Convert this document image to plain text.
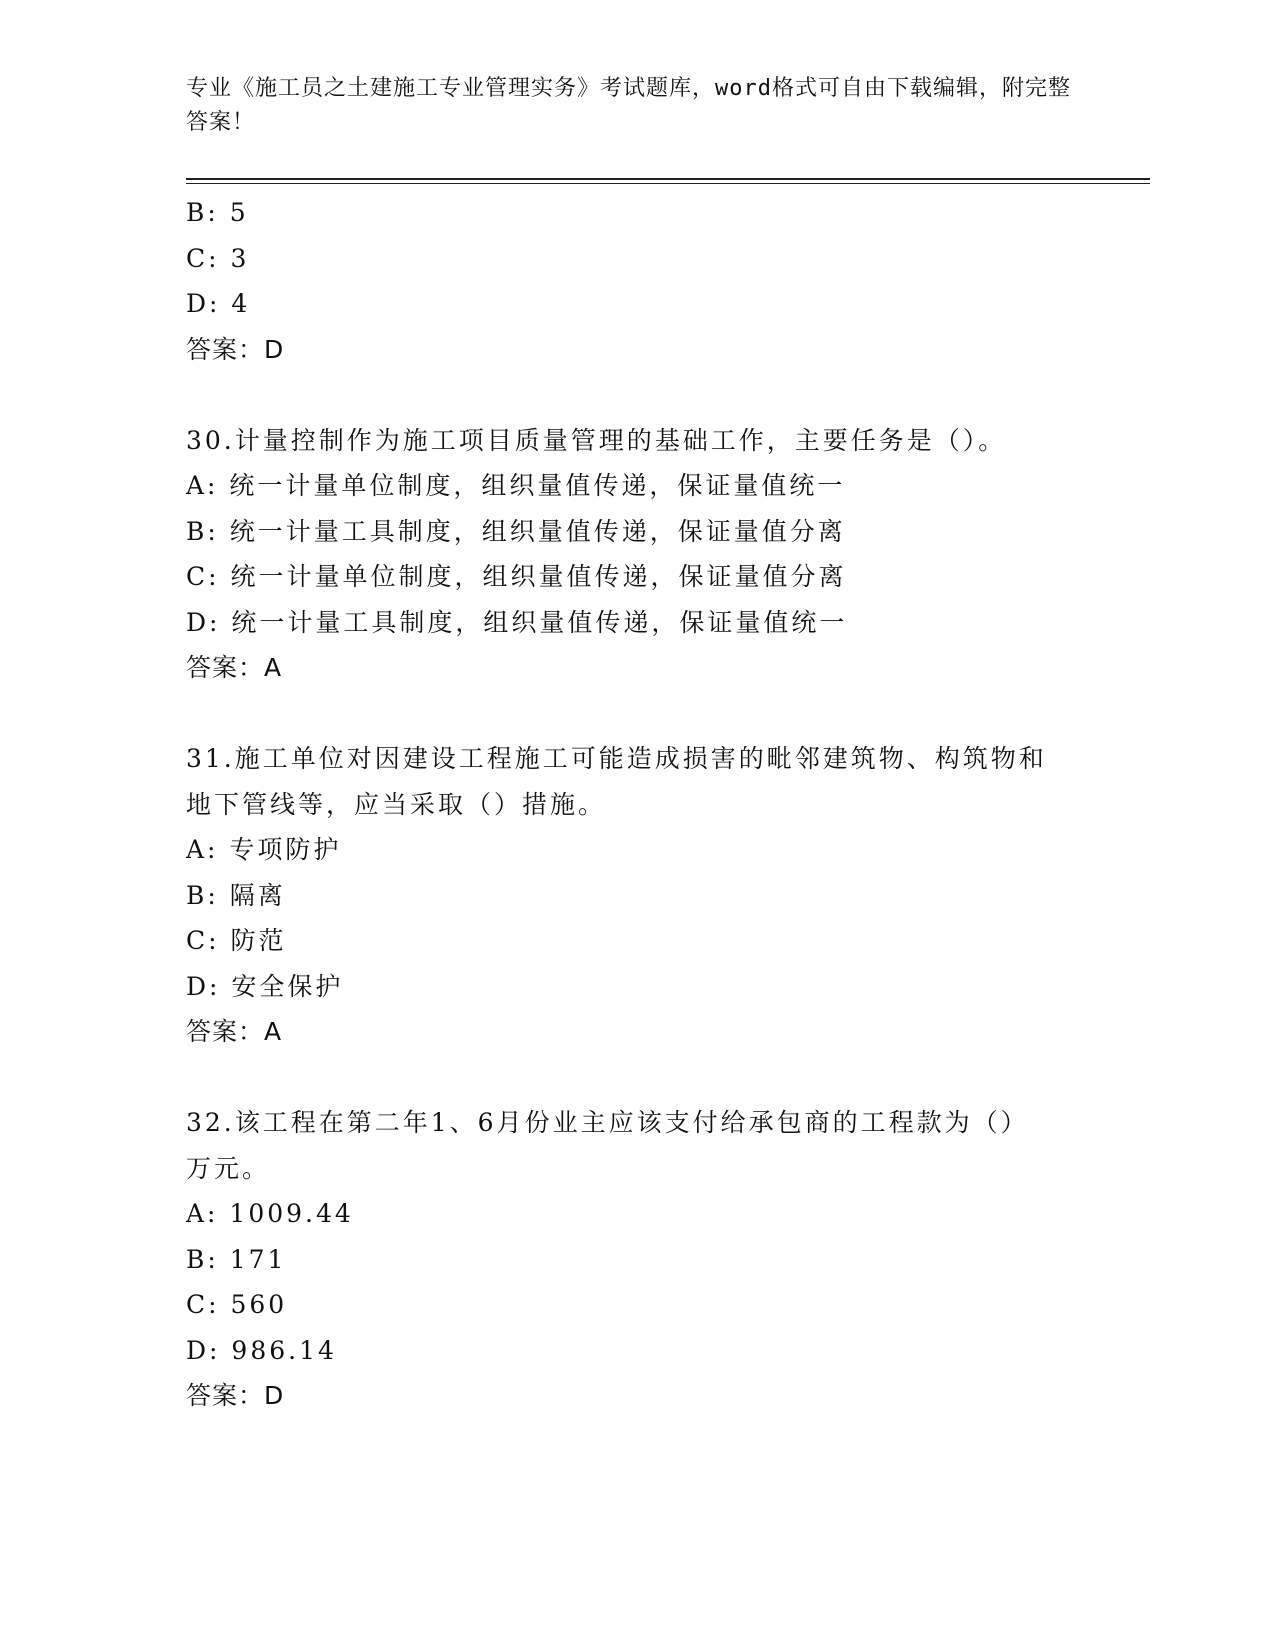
专业《施工员之土建施工专业管理实务》考试题库，word格式可自由下载编辑，附完整答案！
B: 5
C: 3
D: 4
答案：D
30.计量控制作为施工项目质量管理的基础工作，主要任务是（）。
A: 统一计量单位制度，组织量值传递，保证量值统一
B: 统一计量工具制度，组织量值传递，保证量值分离
C: 统一计量单位制度，组织量值传递，保证量值分离
D: 统一计量工具制度，组织量值传递，保证量值统一
答案：A
31.施工单位对因建设工程施工可能造成损害的毗邻建筑物、构筑物和
地下管线等，应当采取（）措施。
A: 专项防护
B: 隔离
C: 防范
D: 安全保护
答案：A
32.该工程在第二年1、6月份业主应该支付给承包商的工程款为（）
万元。
A: 1009.44
B: 171
C: 560
D: 986.14
答案：D
